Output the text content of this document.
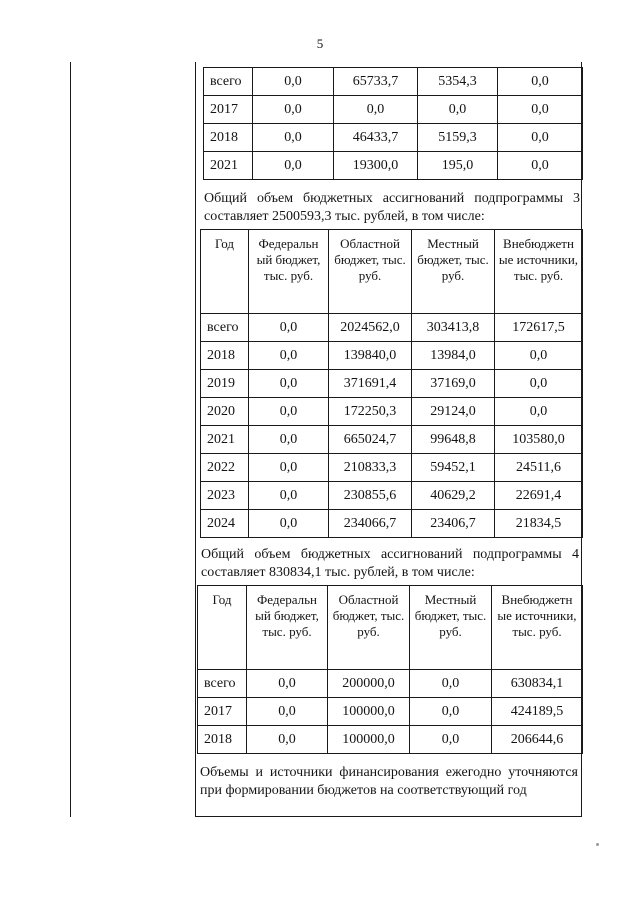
5
всего	0,0	65733,7	5354,3	0,0
2017	0,0	0,0	0,0	0,0
2018	0,0	46433,7	5159,3	0,0
2021	0,0	19300,0	195,0	0,0
Общий объем бюджетных ассигнований подпрограммы 3 составляет 2500593,3 тыс. рублей, в том числе:
Год	Федеральн ый бюджет, тыс. руб.	Областной бюджет, тыс. руб.	Местный бюджет, тыс. руб.	Внебюджетн ые источники, тыс. руб.
всего	0,0	2024562,0	303413,8	172617,5
2018	0,0	139840,0	13984,0	0,0
2019	0,0	371691,4	37169,0	0,0
2020	0,0	172250,3	29124,0	0,0
2021	0,0	665024,7	99648,8	103580,0
2022	0,0	210833,3	59452,1	24511,6
2023	0,0	230855,6	40629,2	22691,4
2024	0,0	234066,7	23406,7	21834,5
Общий объем бюджетных ассигнований подпрограммы 4 составляет 830834,1 тыс. рублей, в том числе:
Год	Федеральн ый бюджет, тыс. руб.	Областной бюджет, тыс. руб.	Местный бюджет, тыс. руб.	Внебюджетн ые источники, тыс. руб.
всего	0,0	200000,0	0,0	630834,1
2017	0,0	100000,0	0,0	424189,5
2018	0,0	100000,0	0,0	206644,6
Объемы и источники финансирования ежегодно уточняются при формировании бюджетов на соответствующий год
